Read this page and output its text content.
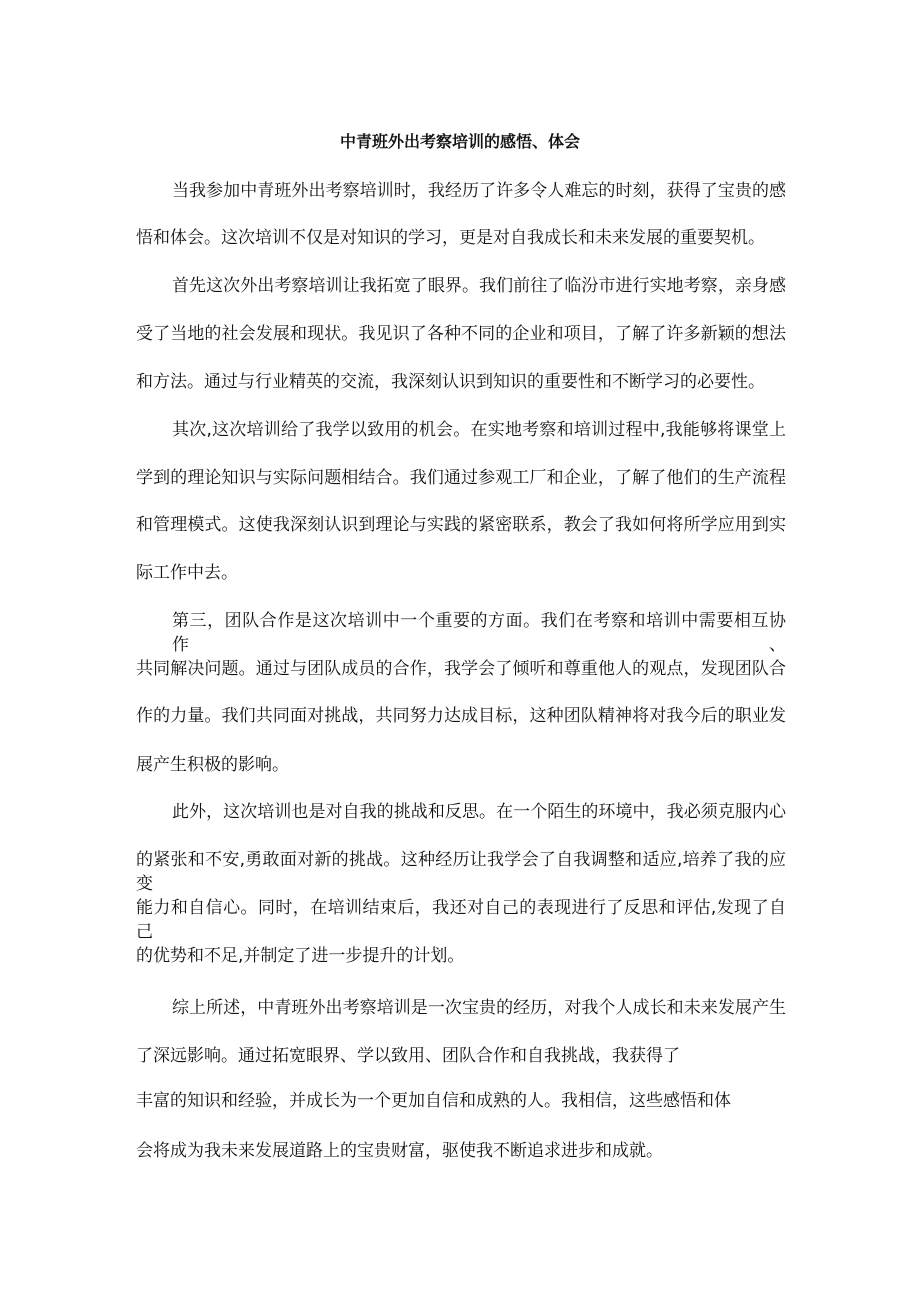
中青班外出考察培训的感悟、体会
当我参加中青班外出考察培训时，我经历了许多令人难忘的时刻，获得了宝贵的感
悟和体会。这次培训不仅是对知识的学习，更是对自我成长和未来发展的重要契机。
首先这次外出考察培训让我拓宽了眼界。我们前往了临汾市进行实地考察，亲身感
受了当地的社会发展和现状。我见识了各种不同的企业和项目，了解了许多新颖的想法
和方法。通过与行业精英的交流，我深刻认识到知识的重要性和不断学习的必要性。
其次,这次培训给了我学以致用的机会。在实地考察和培训过程中,我能够将课堂上
学到的理论知识与实际问题相结合。我们通过参观工厂和企业，了解了他们的生产流程
和管理模式。这使我深刻认识到理论与实践的紧密联系，教会了我如何将所学应用到实
际工作中去。
第三，团队合作是这次培训中一个重要的方面。我们在考察和培训中需要相互协作、
共同解决问题。通过与团队成员的合作，我学会了倾听和尊重他人的观点，发现团队合
作的力量。我们共同面对挑战，共同努力达成目标，这种团队精神将对我今后的职业发
展产生积极的影响。
此外，这次培训也是对自我的挑战和反思。在一个陌生的环境中，我必须克服内心
的紧张和不安,勇敢面对新的挑战。这种经历让我学会了自我调整和适应,培养了我的应变
能力和自信心。同时，在培训结束后，我还对自己的表现进行了反思和评估,发现了自己
的优势和不足,并制定了进一步提升的计划。
综上所述，中青班外出考察培训是一次宝贵的经历，对我个人成长和未来发展产生
了深远影响。通过拓宽眼界、学以致用、团队合作和自我挑战，我获得了
丰富的知识和经验，并成长为一个更加自信和成熟的人。我相信，这些感悟和体
会将成为我未来发展道路上的宝贵财富，驱使我不断追求进步和成就。
